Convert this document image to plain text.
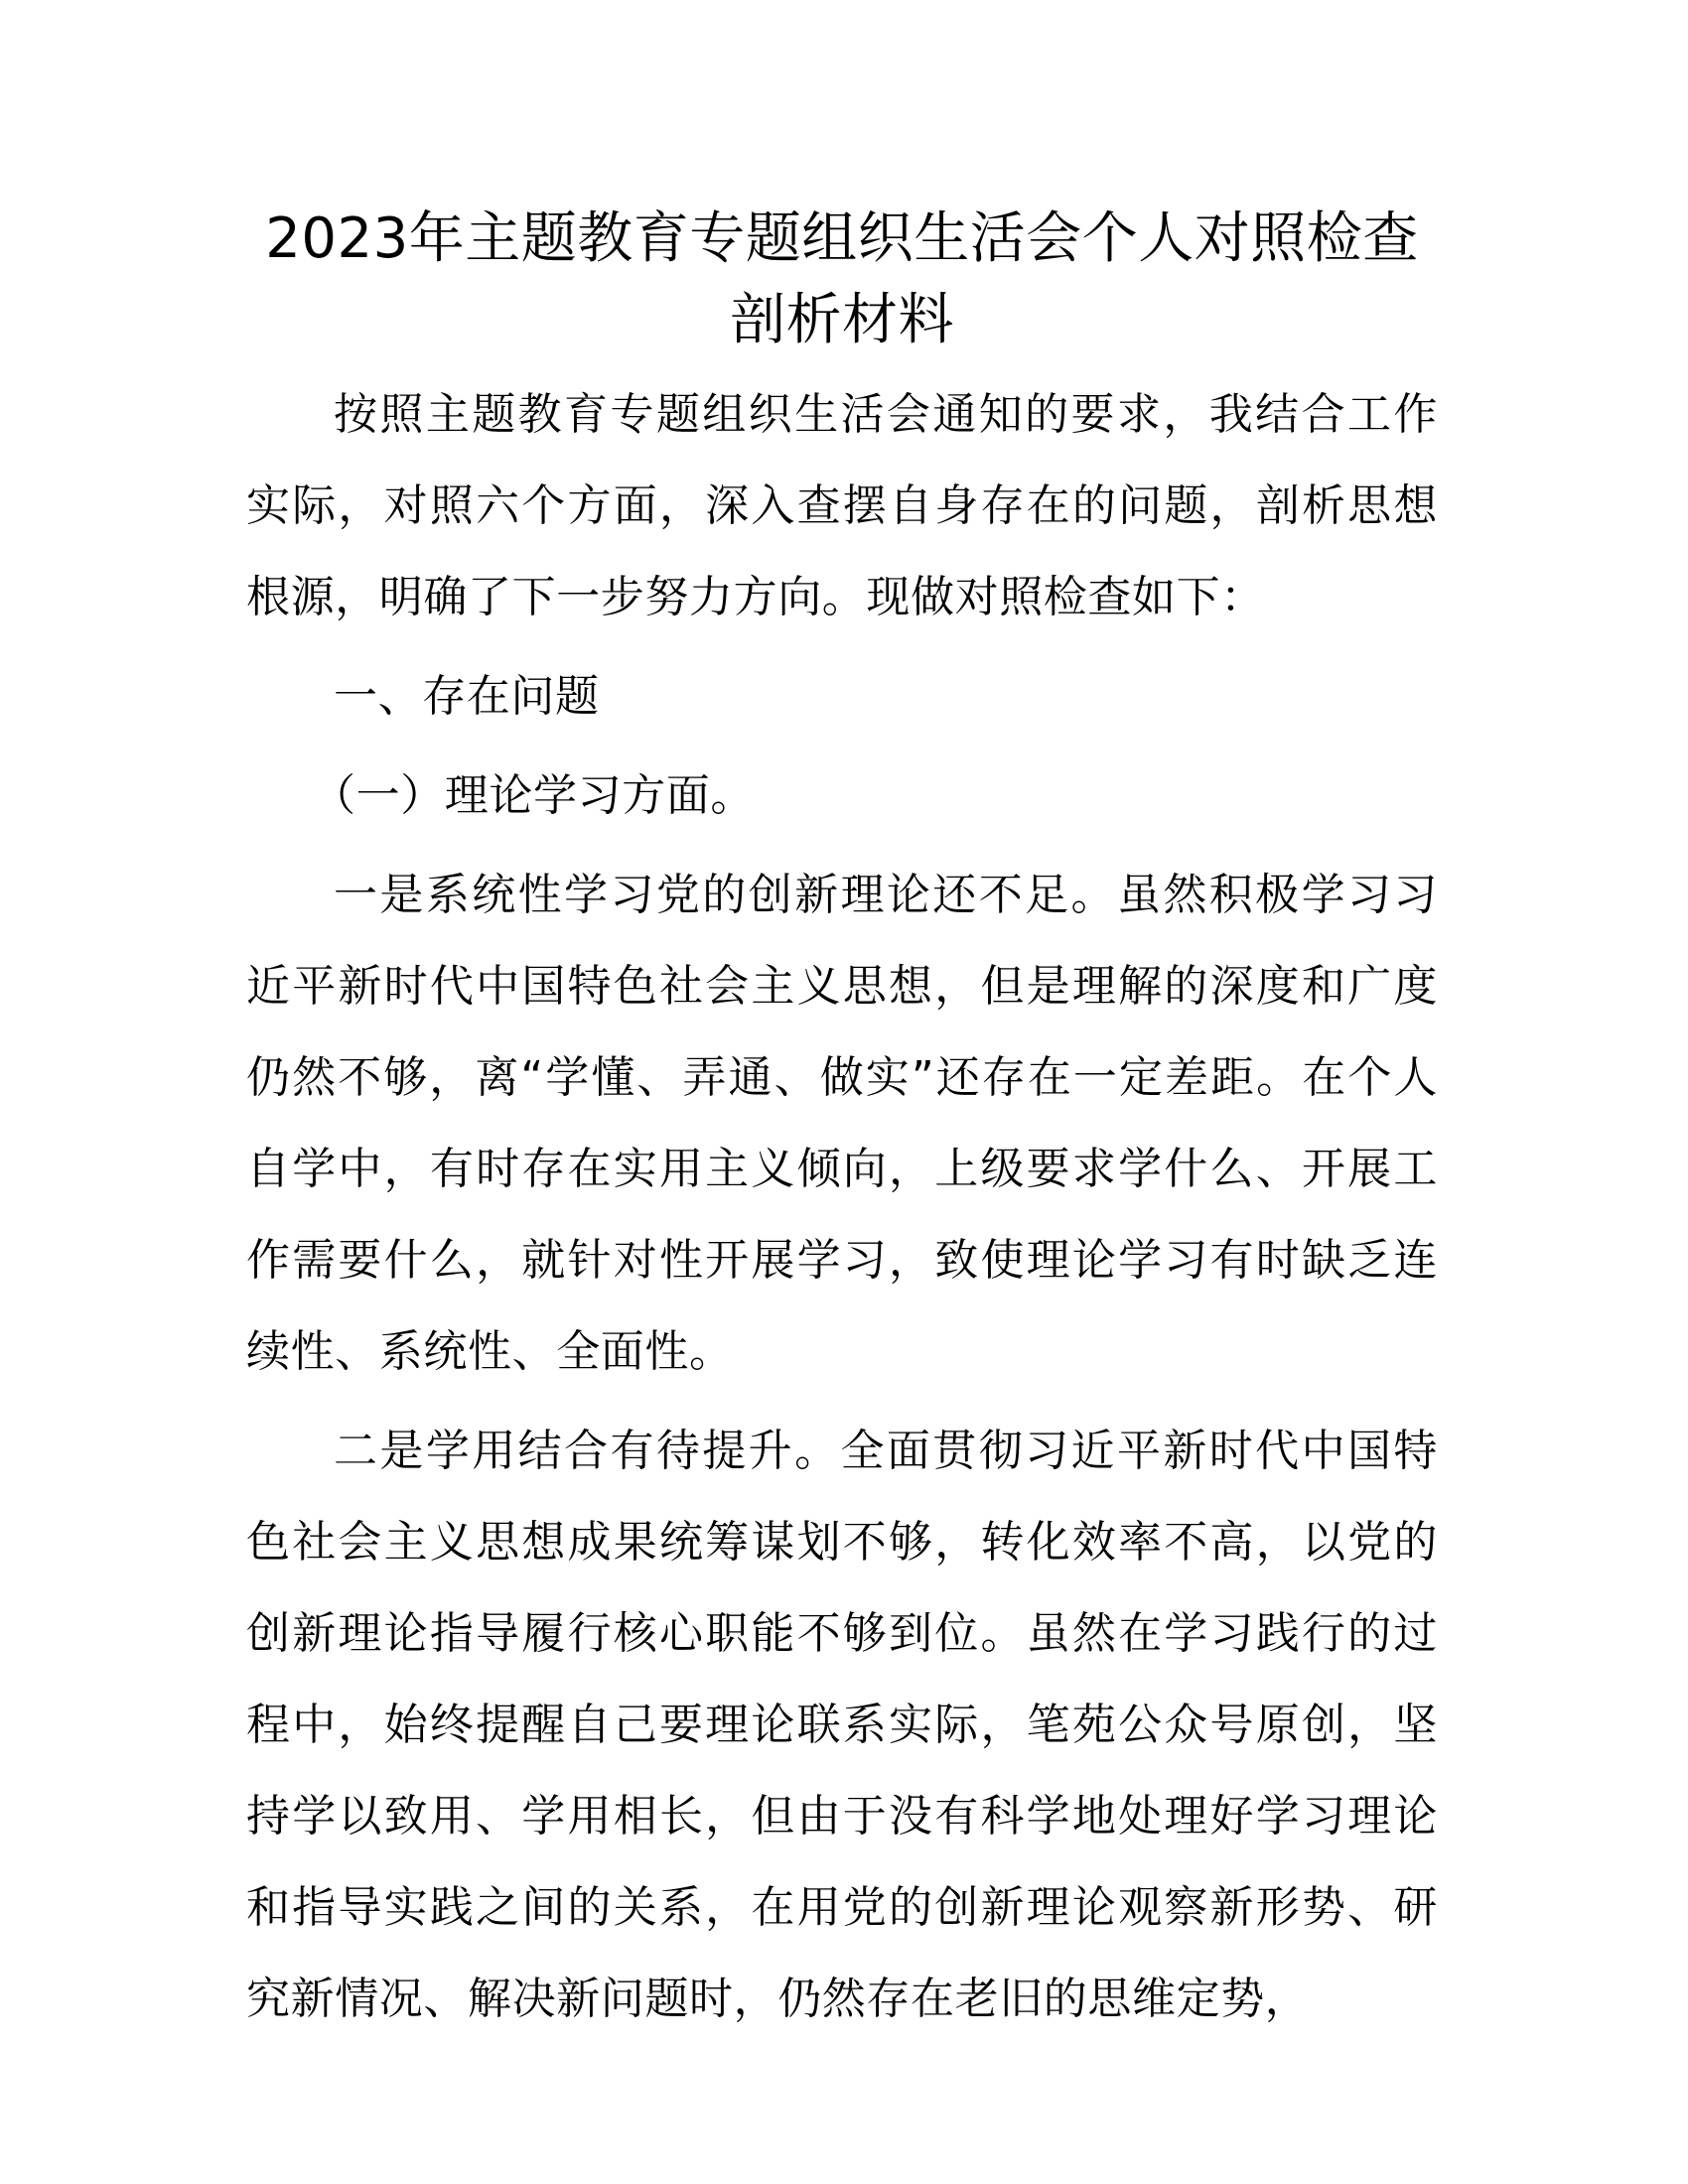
2023年主题教育专题组织生活会个人对照检查剖析材料

按照主题教育专题组织生活会通知的要求，我结合工作实际，对照六个方面，深入查摆自身存在的问题，剖析思想根源，明确了下一步努力方向。现做对照检查如下：

一、存在问题

（一）理论学习方面。

一是系统性学习党的创新理论还不足。虽然积极学习习近平新时代中国特色社会主义思想，但是理解的深度和广度仍然不够，离“学懂、弄通、做实”还存在一定差距。在个人自学中，有时存在实用主义倾向，上级要求学什么、开展工作需要什么，就针对性开展学习，致使理论学习有时缺乏连续性、系统性、全面性。

二是学用结合有待提升。全面贯彻习近平新时代中国特色社会主义思想成果统筹谋划不够，转化效率不高，以党的创新理论指导履行核心职能不够到位。虽然在学习践行的过程中，始终提醒自己要理论联系实际，笔苑公众号原创，坚持学以致用、学用相长，但由于没有科学地处理好学习理论和指导实践之间的关系，在用党的创新理论观察新形势、研究新情况、解决新问题时，仍然存在老旧的思维定势，
